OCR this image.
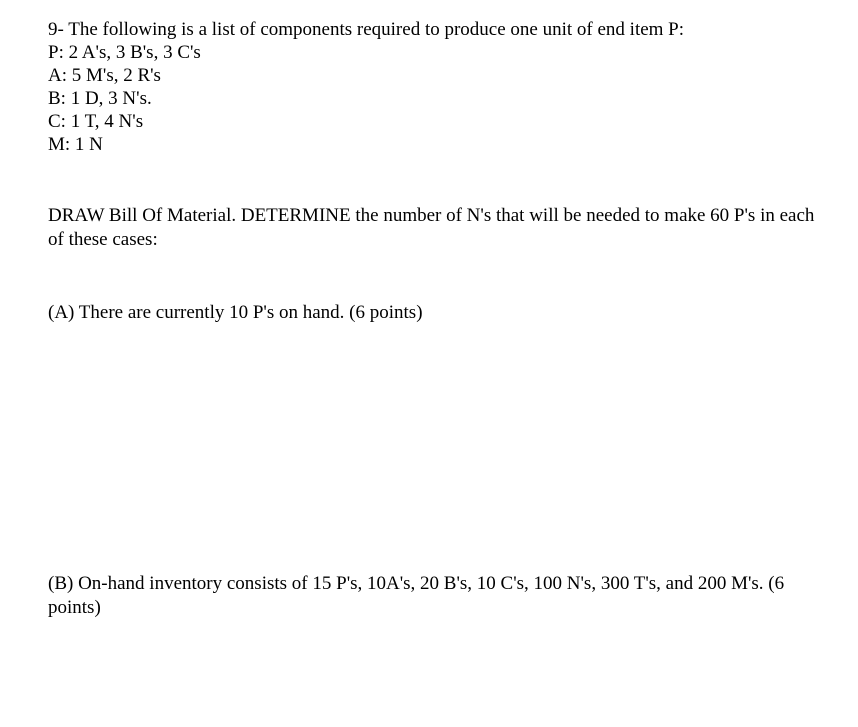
9- The following is a list of components required to produce one unit of end item P:

P: 2 A's, 3 B's, 3 C's

A: 5 M's, 2 R's

B: 1 D, 3 N's.

C: 1 T, 4 N's

M: 1 N

DRAW Bill Of Material. DETERMINE the number of N's that will be needed to make 60 P's in each of these cases:

(A) There are currently 10 P's on hand. (6 points)

(B) On-hand inventory consists of 15 P's, 10A's, 20 B's, 10 C's, 100 N's, 300 T's, and 200 M's. (6 points)
